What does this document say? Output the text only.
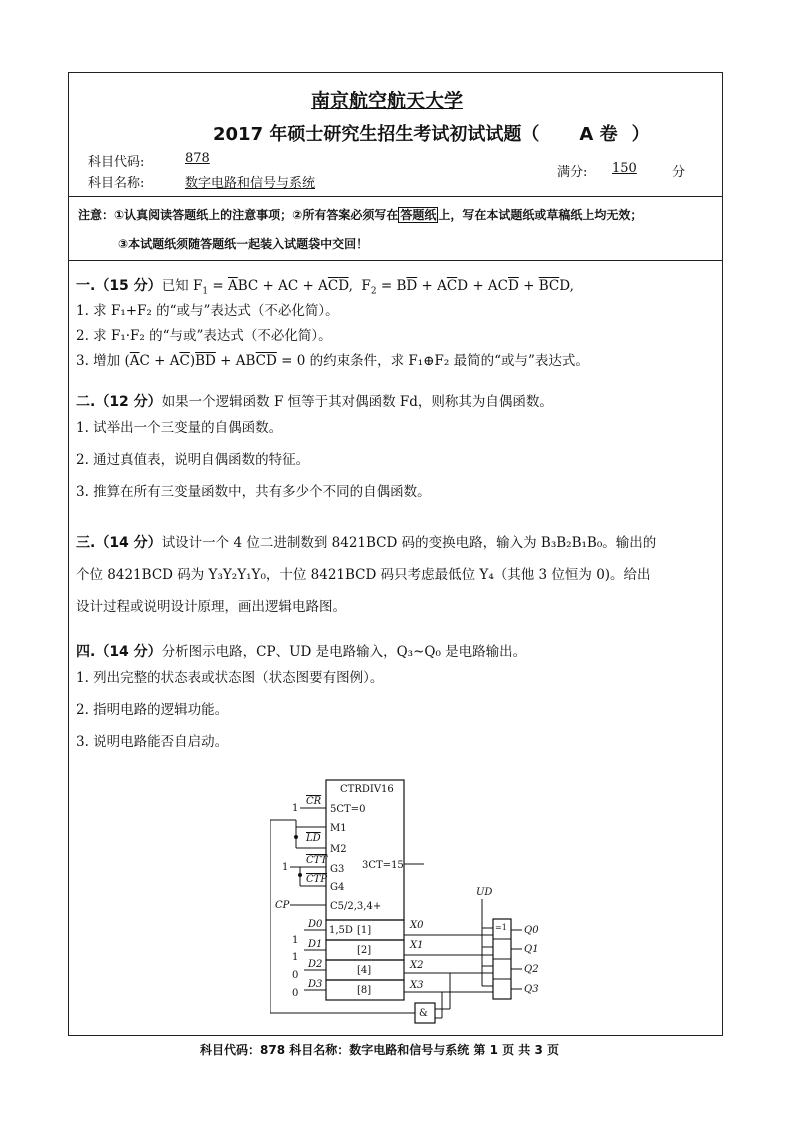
南京航空航天大学
2017 年硕士研究生招生考试初试试题（ A 卷 ）
科目代码:	878
科目名称:	数字电路和信号与系统
满分: 150	分
注意：①认真阅读答题纸上的注意事项；②所有答案必须写在 答题纸 上，写在本试题纸或草稿纸上均无效；
③本试题纸须随答题纸一起装入试题袋中交回！
一.（15 分）已知 $F_1 = \overline{A}BC$ + AC + $A\overline{C}\overline{D}$,  $F_2 = B\overline{D} + A\overline{C}D + AC\overline{D} + \overline{B}\overline{C}D$,
1. 求 F₁+F₂ 的“或与”表达式（不必化简）。
2. 求 F₁·F₂ 的“与或”表达式（不必化简）。
3. 增加 $(\overline{A}C + A\overline{C})\overline{B}\overline{D} + AB\overline{C}\overline{D} = 0$ 的约束条件，求 F₁⊕F₂ 最简的“或与”表达式。
二.（12 分）如果一个逻辑函数 F 恒等于其对偶函数 Fd，则称其为自偶函数。
1. 试举出一个三变量的自偶函数。
2. 通过真值表，说明自偶函数的特征。
3. 推算在所有三变量函数中，共有多少个不同的自偶函数。
三.（14 分）试设计一个 4 位二进制数到 8421BCD 码的变换电路，输入为 B₃B₂B₁B₀。输出的
个位 8421BCD 码为 Y₃Y₂Y₁Y₀，十位 8421BCD 码只考虑最低位 Y₄（其他 3 位恒为 0)。给出
设计过程或说明设计原理，画出逻辑电路图。
四.（14 分）分析图示电路，CP、UD 是电路输入，Q₃~Q₀ 是电路输出。
1. 列出完整的状态表或状态图（状态图要有图例）。
2. 指明电路的逻辑功能。
3. 说明电路能否自启动。
CTRDIV16
5CT=0
M1
M2
G3
G4
C5/2,3,4+
3CT=15
1,5D [1]
[2]
[4]
[8]
1
CR
LD
1
CTT
CTP
CP
D0
D1
D2
D3
1
1
0
0
X0
X1
X2
X3
UD
=1 Q0
Q1
Q2
Q3
&
科目代码：878 科目名称：数字电路和信号与系统 第 1 页 共 3 页
